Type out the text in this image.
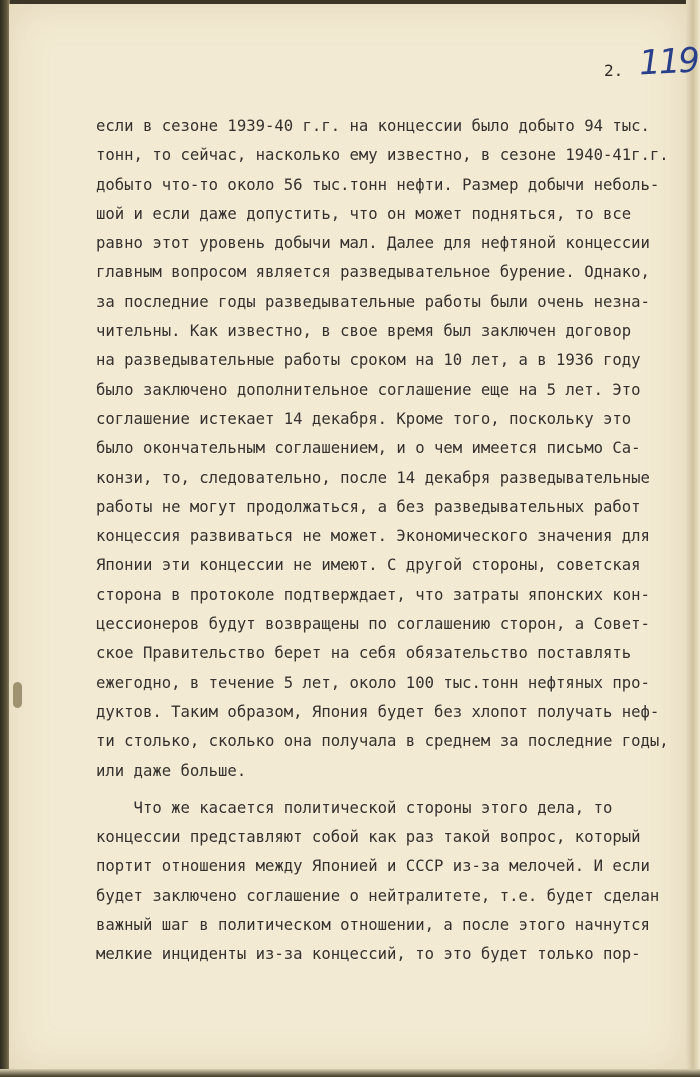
119
2.
если в сезоне 1939-40 г.г. на концессии было добыто 94 тыс.
тонн, то сейчас, насколько ему известно, в сезоне 1940-41г.г.
добыто что-то около 56 тыс.тонн нефти. Размер добычи неболь-
шой и если даже допустить, что он может подняться, то все
равно этот уровень добычи мал. Далее для нефтяной концессии
главным вопросом является разведывательное бурение. Однако,
за последние годы разведывательные работы были очень незна-
чительны. Как известно, в свое время был заключен договор
на разведывательные работы сроком на 10 лет, а в 1936 году
было заключено дополнительное соглашение еще на 5 лет. Это
соглашение истекает 14 декабря. Кроме того, поскольку это
было окончательным соглашением, и о чем имеется письмо Са-
конзи, то, следовательно, после 14 декабря разведывательные
работы не могут продолжаться, а без разведывательных работ
концессия развиваться не может. Экономического значения для
Японии эти концессии не имеют. С другой стороны, советская
сторона в протоколе подтверждает, что затраты японских кон-
цессионеров будут возвращены по соглашению сторон, а Совет-
ское Правительство берет на себя обязательство поставлять
ежегодно, в течение 5 лет, около 100 тыс.тонн нефтяных про-
дуктов. Таким образом, Япония будет без хлопот получать неф-
ти столько, сколько она получала в среднем за последние годы,
или даже больше.
Что же касается политической стороны этого дела, то
концессии представляют собой как раз такой вопрос, который
портит отношения между Японией и СССР из-за мелочей. И если
будет заключено соглашение о нейтралитете, т.е. будет сделан
важный шаг в политическом отношении, а после этого начнутся
мелкие инциденты из-за концессий, то это будет только пор-
